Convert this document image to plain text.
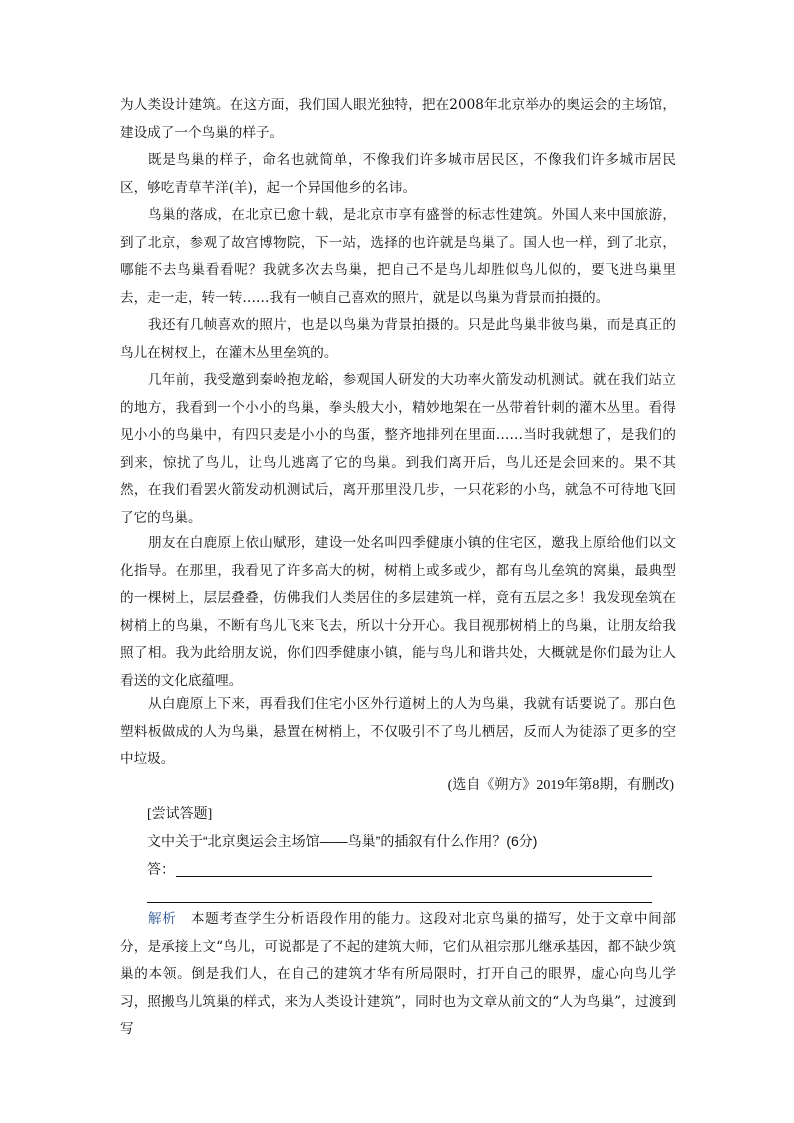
为人类设计建筑。在这方面，我们国人眼光独特，把在2008年北京举办的奥运会的主场馆，建设成了一个鸟巢的样子。

既是鸟巢的样子，命名也就简单，不像我们许多城市居民区，不像我们许多城市居民区，够吃青草芊洋(羊)，起一个异国他乡的名讳。

鸟巢的落成，在北京已愈十载，是北京市享有盛誉的标志性建筑。外国人来中国旅游，到了北京，参观了故宫博物院，下一站，选择的也许就是鸟巢了。国人也一样，到了北京，哪能不去鸟巢看看呢？我就多次去鸟巢，把自己不是鸟儿却胜似鸟儿似的，要飞进鸟巢里去，走一走，转一转……我有一帧自己喜欢的照片，就是以鸟巢为背景而拍摄的。

我还有几帧喜欢的照片，也是以鸟巢为背景拍摄的。只是此鸟巢非彼鸟巢，而是真正的鸟儿在树杈上，在灌木丛里垒筑的。

几年前，我受邀到秦岭抱龙峪，参观国人研发的大功率火箭发动机测试。就在我们站立的地方，我看到一个小小的鸟巢，拳头般大小，精妙地架在一丛带着针刺的灌木丛里。看得见小小的鸟巢中，有四只麦是小小的鸟蛋，整齐地排列在里面……当时我就想了，是我们的到来，惊扰了鸟儿，让鸟儿逃离了它的鸟巢。到我们离开后，鸟儿还是会回来的。果不其然，在我们看罢火箭发动机测试后，离开那里没几步，一只花彩的小鸟，就急不可待地飞回了它的鸟巢。

朋友在白鹿原上依山赋形，建设一处名叫四季健康小镇的住宅区，邀我上原给他们以文化指导。在那里，我看见了许多高大的树，树梢上或多或少，都有鸟儿垒筑的窝巢，最典型的一棵树上，层层叠叠，仿佛我们人类居住的多层建筑一样，竟有五层之多！我发现垒筑在树梢上的鸟巢，不断有鸟儿飞来飞去，所以十分开心。我目视那树梢上的鸟巢，让朋友给我照了相。我为此给朋友说，你们四季健康小镇，能与鸟儿和谐共处，大概就是你们最为让人看送的文化底蕴哩。

从白鹿原上下来，再看我们住宅小区外行道树上的人为鸟巢，我就有话要说了。那白色塑料板做成的人为鸟巢，悬置在树梢上，不仅吸引不了鸟儿栖居，反而人为徒添了更多的空中垃圾。

(选自《朔方》2019年第8期，有删改)

[尝试答题]

文中关于“北京奥运会主场馆——鸟巢”的插叙有什么作用？(6分)

答：

解析　 本题考查学生分析语段作用的能力。这段对北京鸟巢的描写，处于文章中间部分，是承接上文“鸟儿，可说都是了不起的建筑大师，它们从祖宗那儿继承基因，都不缺少筑巢的本领。倒是我们人，在自己的建筑才华有所局限时，打开自己的眼界，虚心向鸟儿学习，照搬鸟儿筑巢的样式，来为人类设计建筑”，同时也为文章从前文的“人为鸟巢”，过渡到写
